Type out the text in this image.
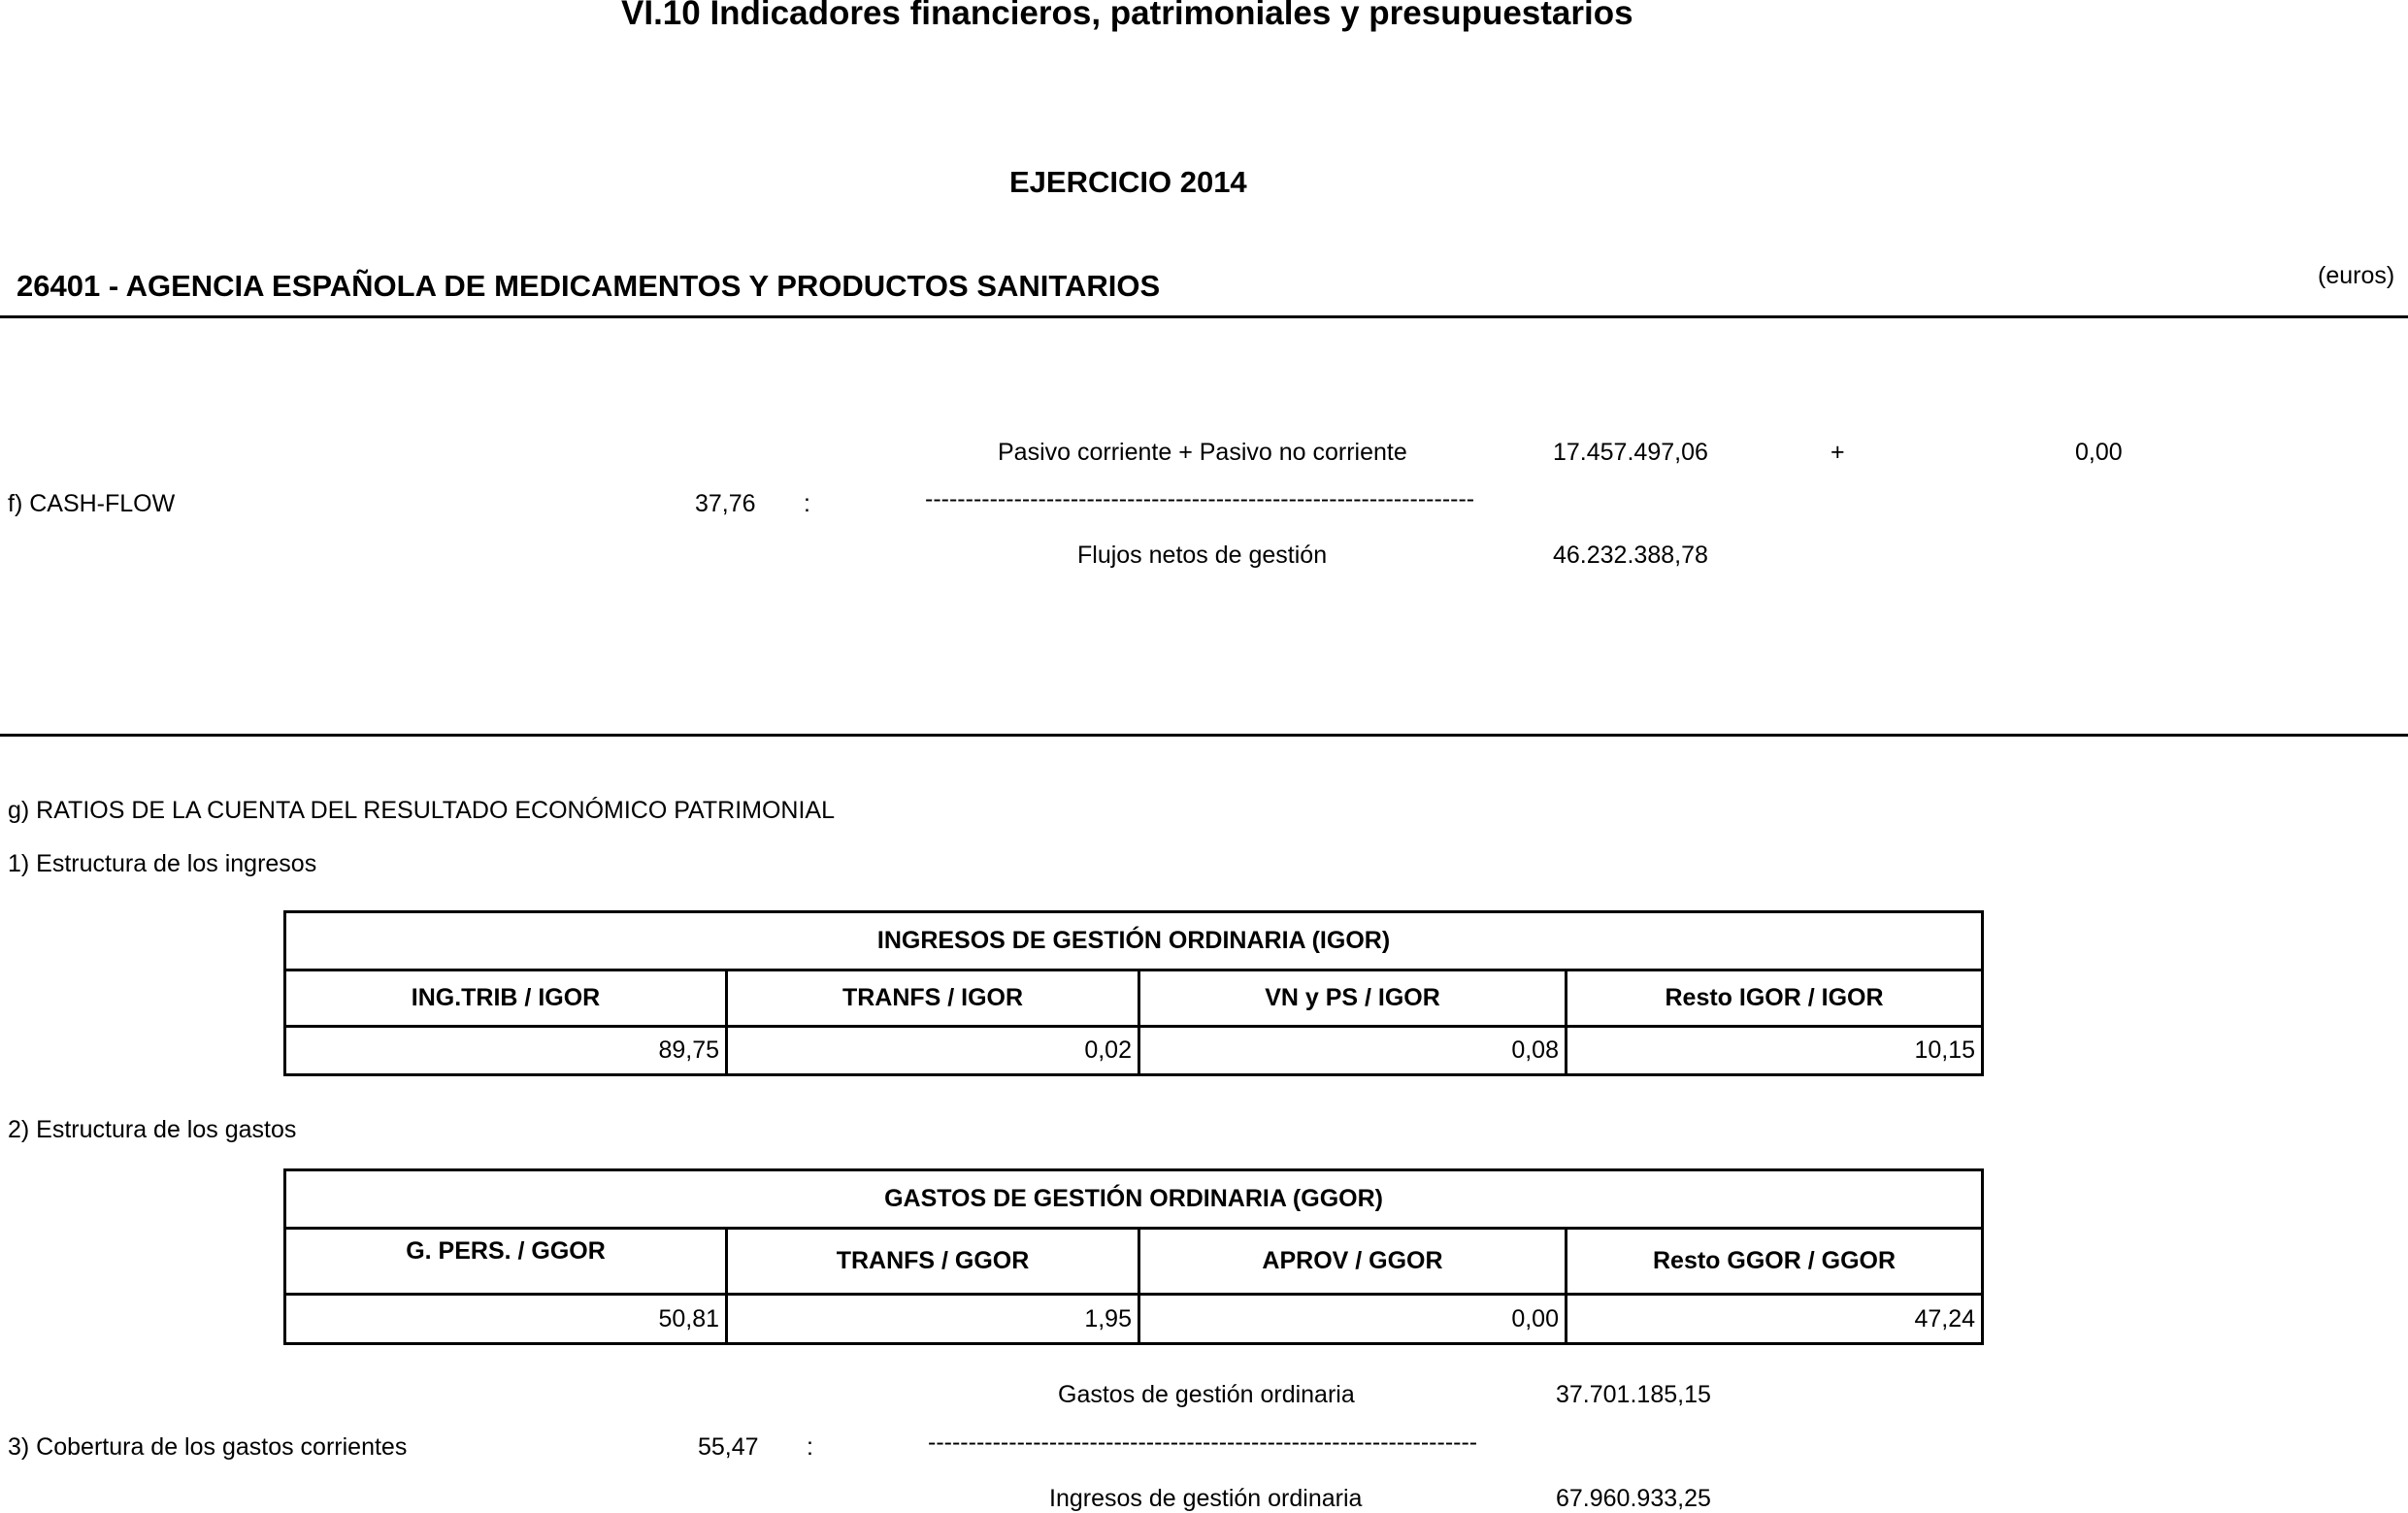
VI.10 Indicadores financieros, patrimoniales y presupuestarios
EJERCICIO 2014
26401 - AGENCIA ESPAÑOLA DE MEDICAMENTOS Y PRODUCTOS SANITARIOS	(euros)
Pasivo corriente + Pasivo no corriente	17.457.497,06	+	0,00
f) CASH-FLOW	37,76 :	--------------------------------------------------------------------
Flujos netos de gestión	46.232.388,78
g) RATIOS DE LA CUENTA DEL RESULTADO ECONÓMICO PATRIMONIAL
1) Estructura de los ingresos
INGRESOS DE GESTIÓN ORDINARIA (IGOR)			
ING.TRIB / IGOR	TRANFS / IGOR	VN y PS / IGOR	Resto IGOR / IGOR
89,75	0,02	0,08	10,15
2) Estructura de los gastos
GASTOS DE GESTIÓN ORDINARIA (GGOR)			
G. PERS. / GGOR	TRANFS / GGOR	APROV / GGOR	Resto GGOR / GGOR
50,81	1,95	0,00	47,24
Gastos de gestión ordinaria	37.701.185,15
3) Cobertura de los gastos corrientes	55,47 :	--------------------------------------------------------------------
Ingresos de gestión ordinaria	67.960.933,25
